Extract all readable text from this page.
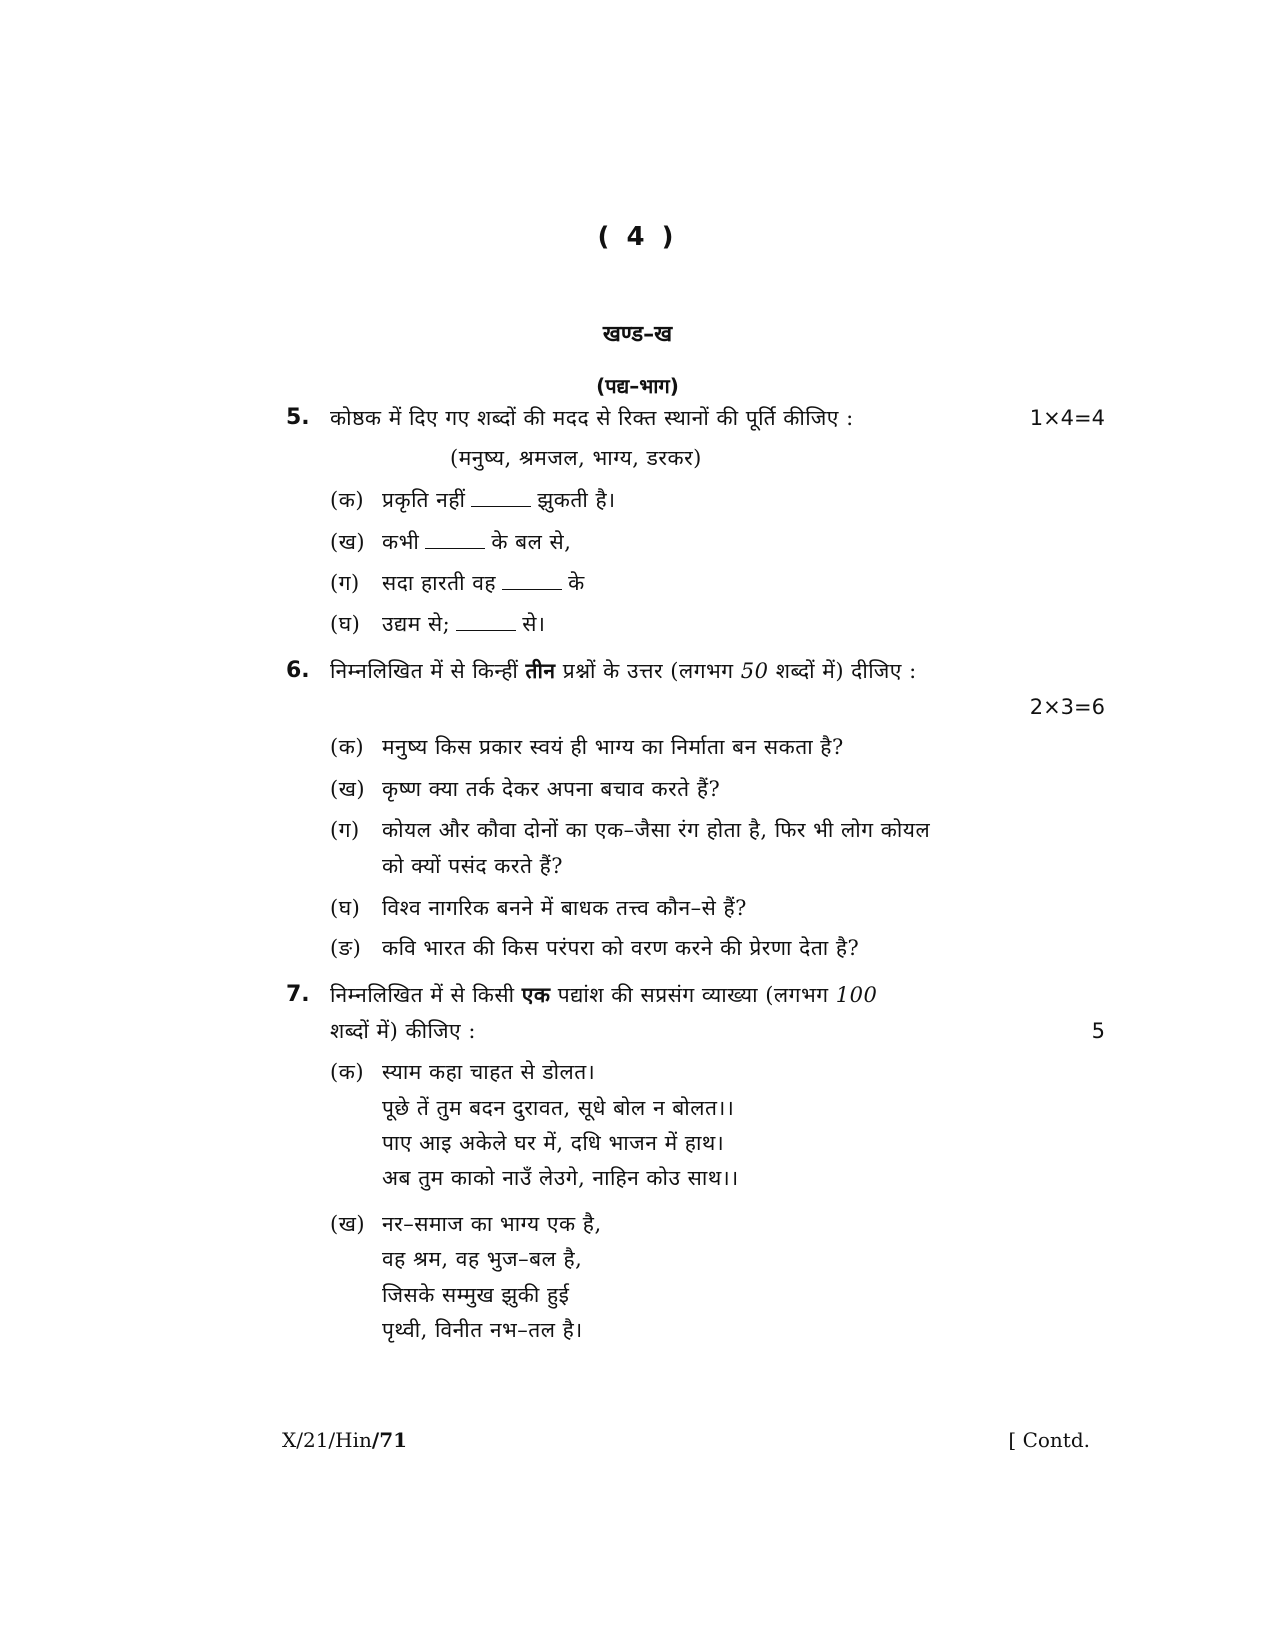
( 4 )
खण्ड–ख
(पद्य–भाग)
5. कोष्ठक में दिए गए शब्दों की मदद से रिक्त स्थानों की पूर्ति कीजिए :	1×4=4
(मनुष्य, श्रमजल, भाग्य, डरकर)
(क) प्रकृति नहीं	झुकती है।
(ख) कभी	के बल से,
(ग) सदा हारती वह	के
(घ) उद्यम से;	से।
6. निम्नलिखित में से किन्हीं तीन प्रश्नों के उत्तर (लगभग 50 शब्दों में) दीजिए :
2×3=6
(क) मनुष्य किस प्रकार स्वयं ही भाग्य का निर्माता बन सकता है?
(ख) कृष्ण क्या तर्क देकर अपना बचाव करते हैं?
(ग) कोयल और कौवा दोनों का एक–जैसा रंग होता है, फिर भी लोग कोयल
को क्यों पसंद करते हैं?
(घ) विश्व नागरिक बनने में बाधक तत्त्व कौन–से हैं?
(ङ) कवि भारत की किस परंपरा को वरण करने की प्रेरणा देता है?
7. निम्नलिखित में से किसी एक पद्यांश की सप्रसंग व्याख्या (लगभग 100
शब्दों में) कीजिए :	5
(क) स्याम कहा चाहत से डोलत।
पूछे तें तुम बदन दुरावत, सूधे बोल न बोलत।।
पाए आइ अकेले घर में, दधि भाजन में हाथ।
अब तुम काको नाउँ लेउगे, नाहिन कोउ साथ।।
(ख) नर–समाज का भाग्य एक है,
वह श्रम, वह भुज–बल है,
जिसके सम्मुख झुकी हुई
पृथ्वी, विनीत नभ–तल है।
X/21/Hin/71	[ Contd.
